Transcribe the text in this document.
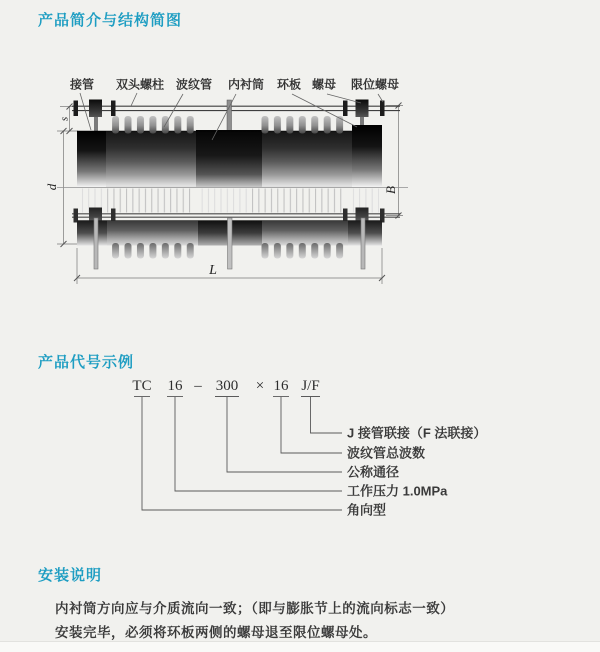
产品简介与结构简图
接管 双头螺柱 波纹管 内衬筒 环板 螺母 限位螺母
s
d	B
L
产品代号示例
TC 16 – 300 × 16 J/F
J 接管联接（F 法联接）
波纹管总波数
公称通径
工作压力 1.0MPa
角向型
安装说明
内衬筒方向应与介质流向一致；（即与膨胀节上的流向标志一致）
安装完毕，必须将环板两侧的螺母退至限位螺母处。
